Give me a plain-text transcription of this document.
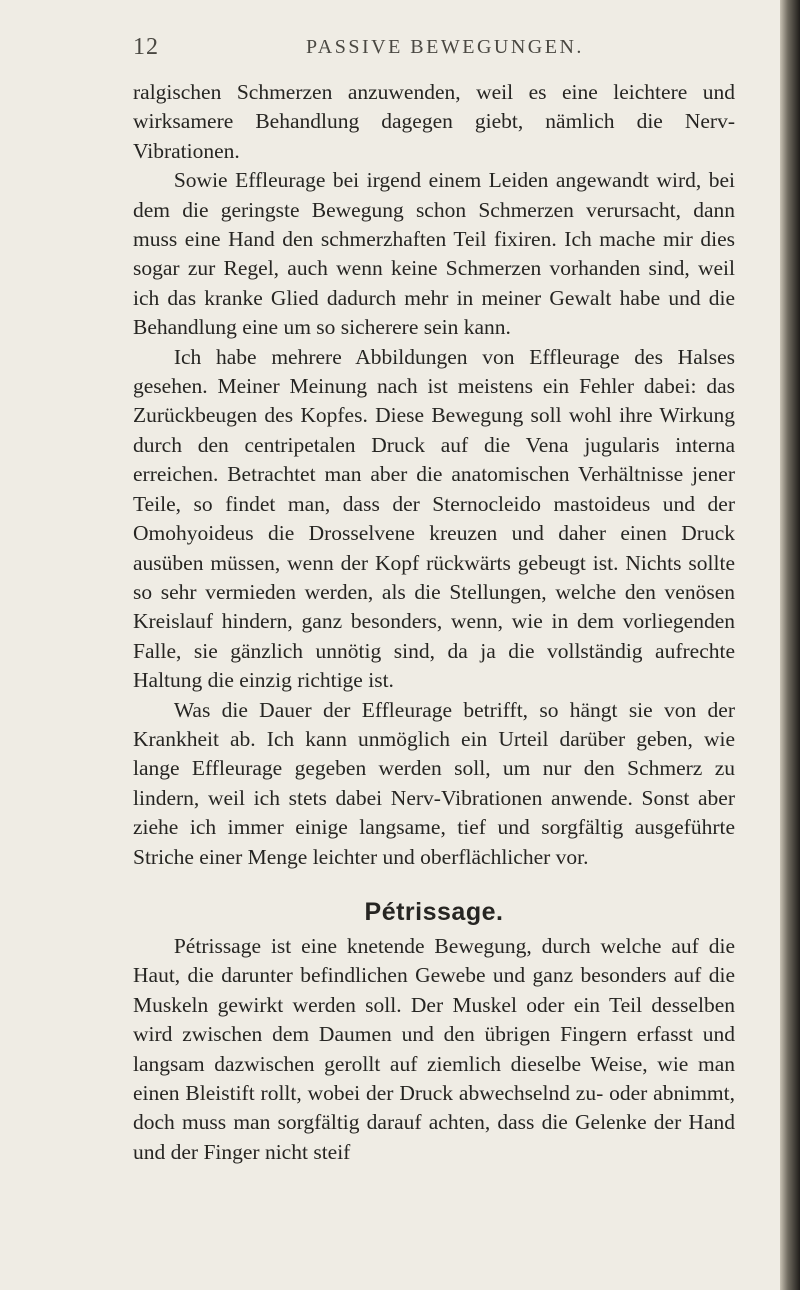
12	PASSIVE BEWEGUNGEN.

ralgischen Schmerzen anzuwenden, weil es eine leichtere und wirksamere Behandlung dagegen giebt, nämlich die Nerv-Vibrationen.

Sowie Effleurage bei irgend einem Leiden angewandt wird, bei dem die geringste Bewegung schon Schmerzen verursacht, dann muss eine Hand den schmerzhaften Teil fixiren. Ich mache mir dies sogar zur Regel, auch wenn keine Schmerzen vorhanden sind, weil ich das kranke Glied dadurch mehr in meiner Gewalt habe und die Behandlung eine um so sicherere sein kann.

Ich habe mehrere Abbildungen von Effleurage des Halses gesehen. Meiner Meinung nach ist meistens ein Fehler dabei: das Zurückbeugen des Kopfes. Diese Bewegung soll wohl ihre Wirkung durch den centripetalen Druck auf die Vena jugularis interna erreichen. Betrachtet man aber die anatomischen Verhältnisse jener Teile, so findet man, dass der Sternocleido mastoideus und der Omohyoideus die Drosselvene kreuzen und daher einen Druck ausüben müssen, wenn der Kopf rückwärts gebeugt ist. Nichts sollte so sehr vermieden werden, als die Stellungen, welche den venösen Kreislauf hindern, ganz besonders, wenn, wie in dem vorliegenden Falle, sie gänzlich unnötig sind, da ja die vollständig aufrechte Haltung die einzig richtige ist.

Was die Dauer der Effleurage betrifft, so hängt sie von der Krankheit ab. Ich kann unmöglich ein Urteil darüber geben, wie lange Effleurage gegeben werden soll, um nur den Schmerz zu lindern, weil ich stets dabei Nerv-Vibrationen anwende. Sonst aber ziehe ich immer einige langsame, tief und sorgfältig ausgeführte Striche einer Menge leichter und oberflächlicher vor.

Pétrissage.

Pétrissage ist eine knetende Bewegung, durch welche auf die Haut, die darunter befindlichen Gewebe und ganz besonders auf die Muskeln gewirkt werden soll. Der Muskel oder ein Teil desselben wird zwischen dem Daumen und den übrigen Fingern erfasst und langsam dazwischen gerollt auf ziemlich dieselbe Weise, wie man einen Bleistift rollt, wobei der Druck abwechselnd zu- oder abnimmt, doch muss man sorgfältig darauf achten, dass die Gelenke der Hand und der Finger nicht steif
